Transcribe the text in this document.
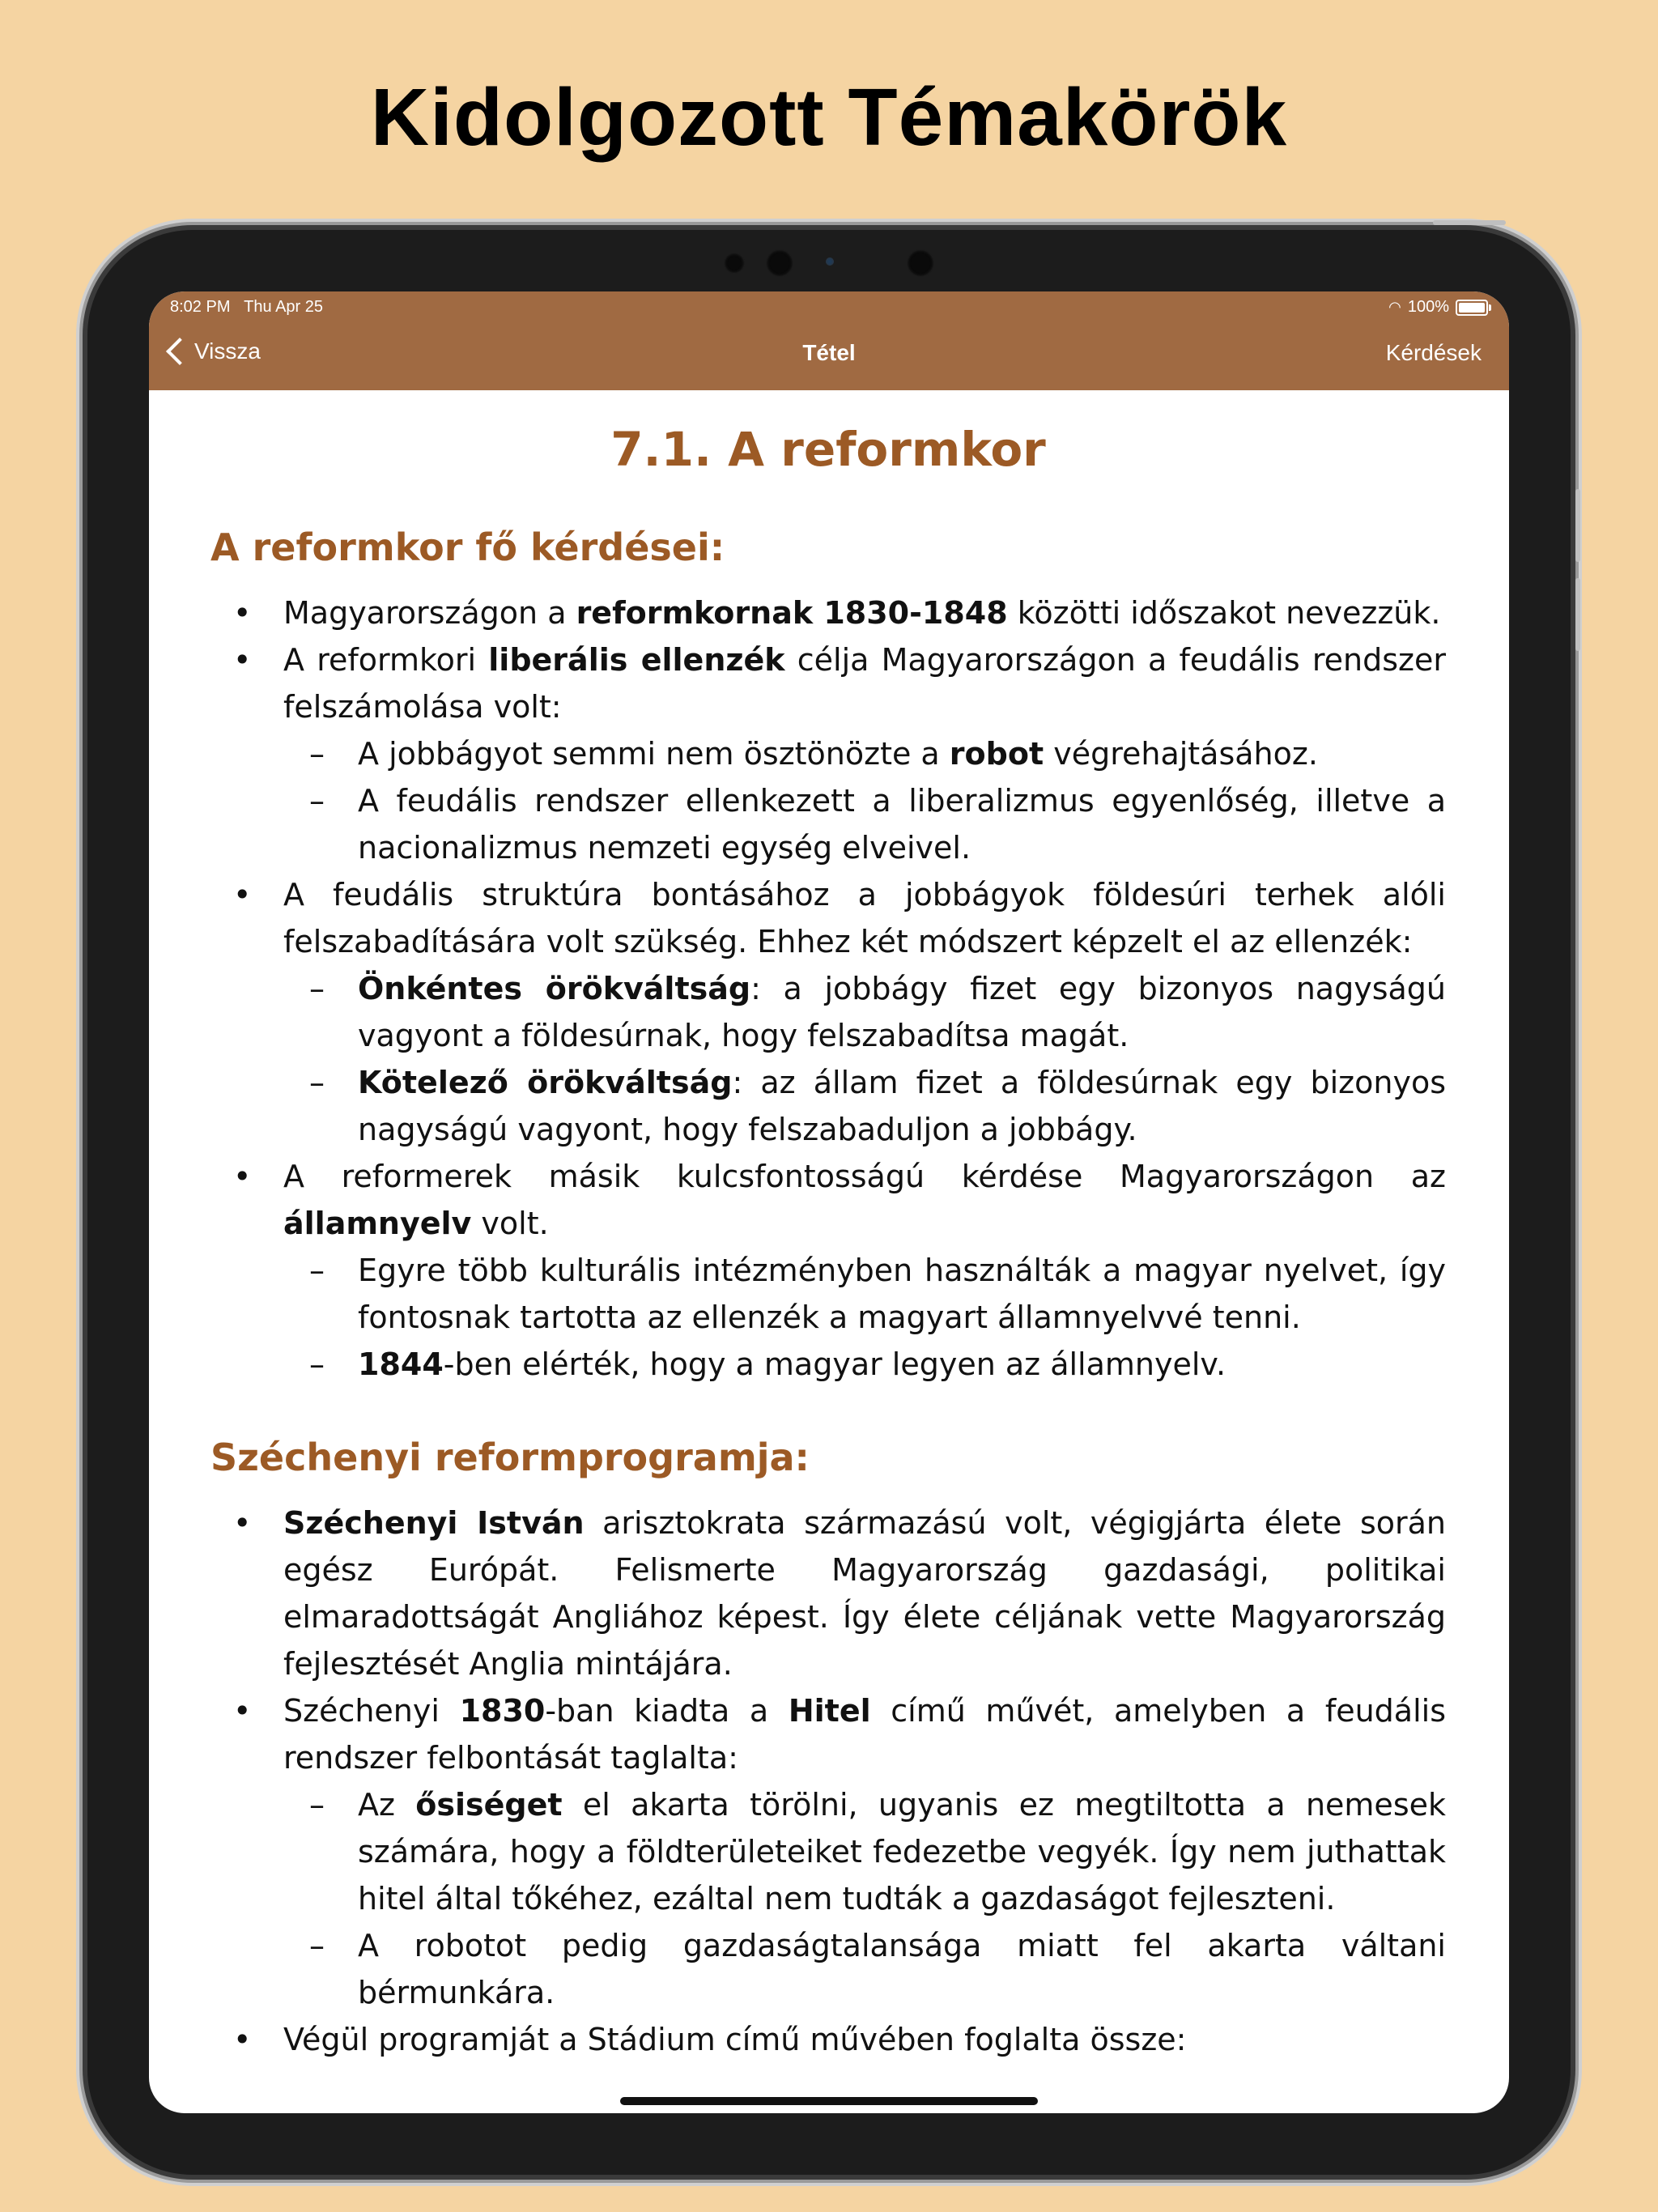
Kidolgozott Témakörök
8:02 PM Thu Apr 25	◠ 100%
Vissza	Tétel	Kérdések
7.1. A reformkor
A reformkor fő kérdései:
• Magyarországon a reformkornak 1830-1848 közötti időszakot nevezzük.
• A reformkori liberális ellenzék célja Magyarországon a feudális rendszer felszámolása volt:
– A jobbágyot semmi nem ösztönözte a robot végrehajtásához.
– A feudális rendszer ellenkezett a liberalizmus egyenlőség, illetve a nacionalizmus nemzeti egység elveivel.
• A feudális struktúra bontásához a jobbágyok földesúri terhek alóli felszabadítására volt szükség. Ehhez két módszert képzelt el az ellenzék:
– Önkéntes örökváltság: a jobbágy fizet egy bizonyos nagyságú vagyont a földesúrnak, hogy felszabadítsa magát.
– Kötelező örökváltság: az állam fizet a földesúrnak egy bizonyos nagyságú vagyont, hogy felszabaduljon a jobbágy.
• A reformerek másik kulcsfontosságú kérdése Magyarországon az államnyelv volt.
– Egyre több kulturális intézményben használták a magyar nyelvet, így fontosnak tartotta az ellenzék a magyart államnyelvvé tenni.
– 1844-ben elérték, hogy a magyar legyen az államnyelv.
Széchenyi reformprogramja:
• Széchenyi István arisztokrata származású volt, végigjárta élete során egész Európát. Felismerte Magyarország gazdasági, politikai elmaradottságát Angliához képest. Így élete céljának vette Magyarország fejlesztését Anglia mintájára.
• Széchenyi 1830-ban kiadta a Hitel című művét, amelyben a feudális rendszer felbontását taglalta:
– Az ősiséget el akarta törölni, ugyanis ez megtiltotta a nemesek számára, hogy a földterületeiket fedezetbe vegyék. Így nem juthattak hitel által tőkéhez, ezáltal nem tudták a gazdaságot fejleszteni.
– A robotot pedig gazdaságtalansága miatt fel akarta váltani bérmunkára.
• Végül programját a Stádium című művében foglalta össze:
